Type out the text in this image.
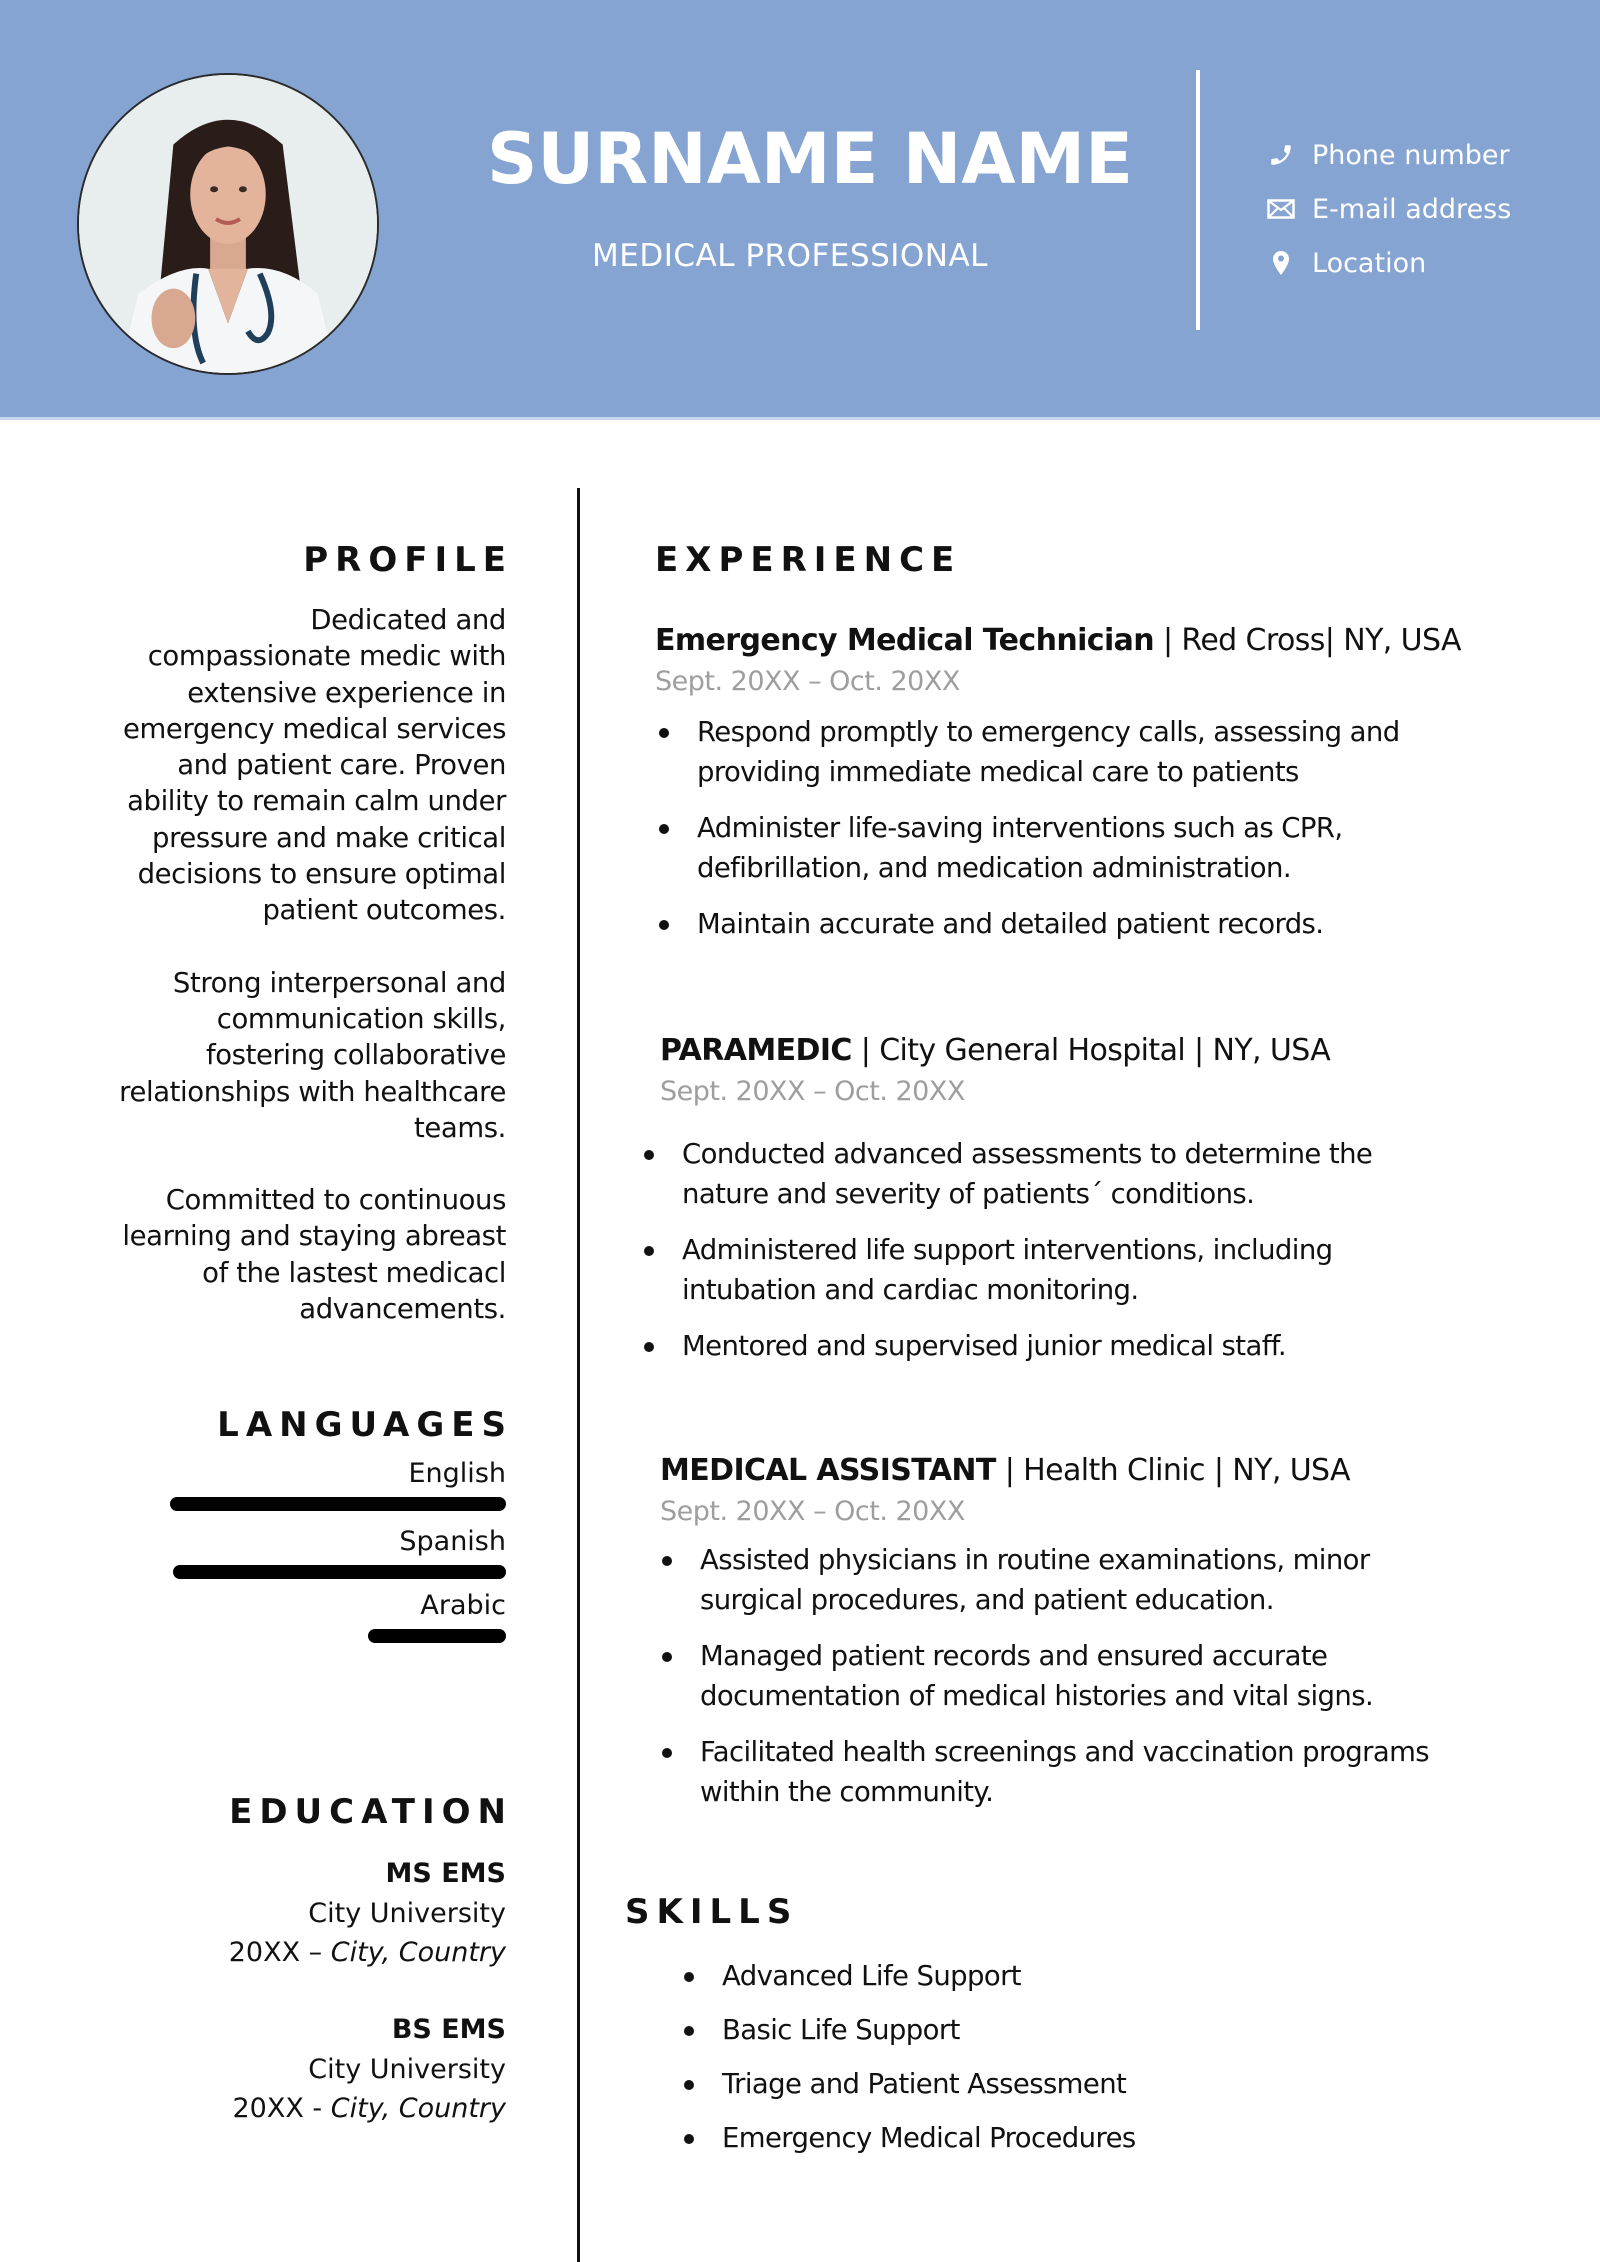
SURNAME NAME
MEDICAL PROFESSIONAL
Phone number
E-mail address
Location
PROFILE
Dedicated and
compassionate medic with
extensive experience in
emergency medical services
and patient care. Proven
ability to remain calm under
pressure and make critical
decisions to ensure optimal
patient outcomes.
Strong interpersonal and
communication skills,
fostering collaborative
relationships with healthcare
teams.
Committed to continuous
learning and staying abreast
of the lastest medicacl
advancements.
LANGUAGES
English
Spanish
Arabic
EDUCATION
MS EMS
City University
20XX – City, Country
BS EMS
City University
20XX - City, Country
EXPERIENCE
Emergency Medical Technician | Red Cross| NY, USA
Sept. 20XX – Oct. 20XX
Respond promptly to emergency calls, assessing and
providing immediate medical care to patients
Administer life-saving interventions such as CPR,
defibrillation, and medication administration.
Maintain accurate and detailed patient records.
PARAMEDIC | City General Hospital | NY, USA
Sept. 20XX – Oct. 20XX
Conducted advanced assessments to determine the
nature and severity of patients´ conditions.
Administered life support interventions, including
intubation and cardiac monitoring.
Mentored and supervised junior medical staff.
MEDICAL ASSISTANT | Health Clinic | NY, USA
Sept. 20XX – Oct. 20XX
Assisted physicians in routine examinations, minor
surgical procedures, and patient education.
Managed patient records and ensured accurate
documentation of medical histories and vital signs.
Facilitated health screenings and vaccination programs
within the community.
SKILLS
Advanced Life Support
Basic Life Support
Triage and Patient Assessment
Emergency Medical Procedures
